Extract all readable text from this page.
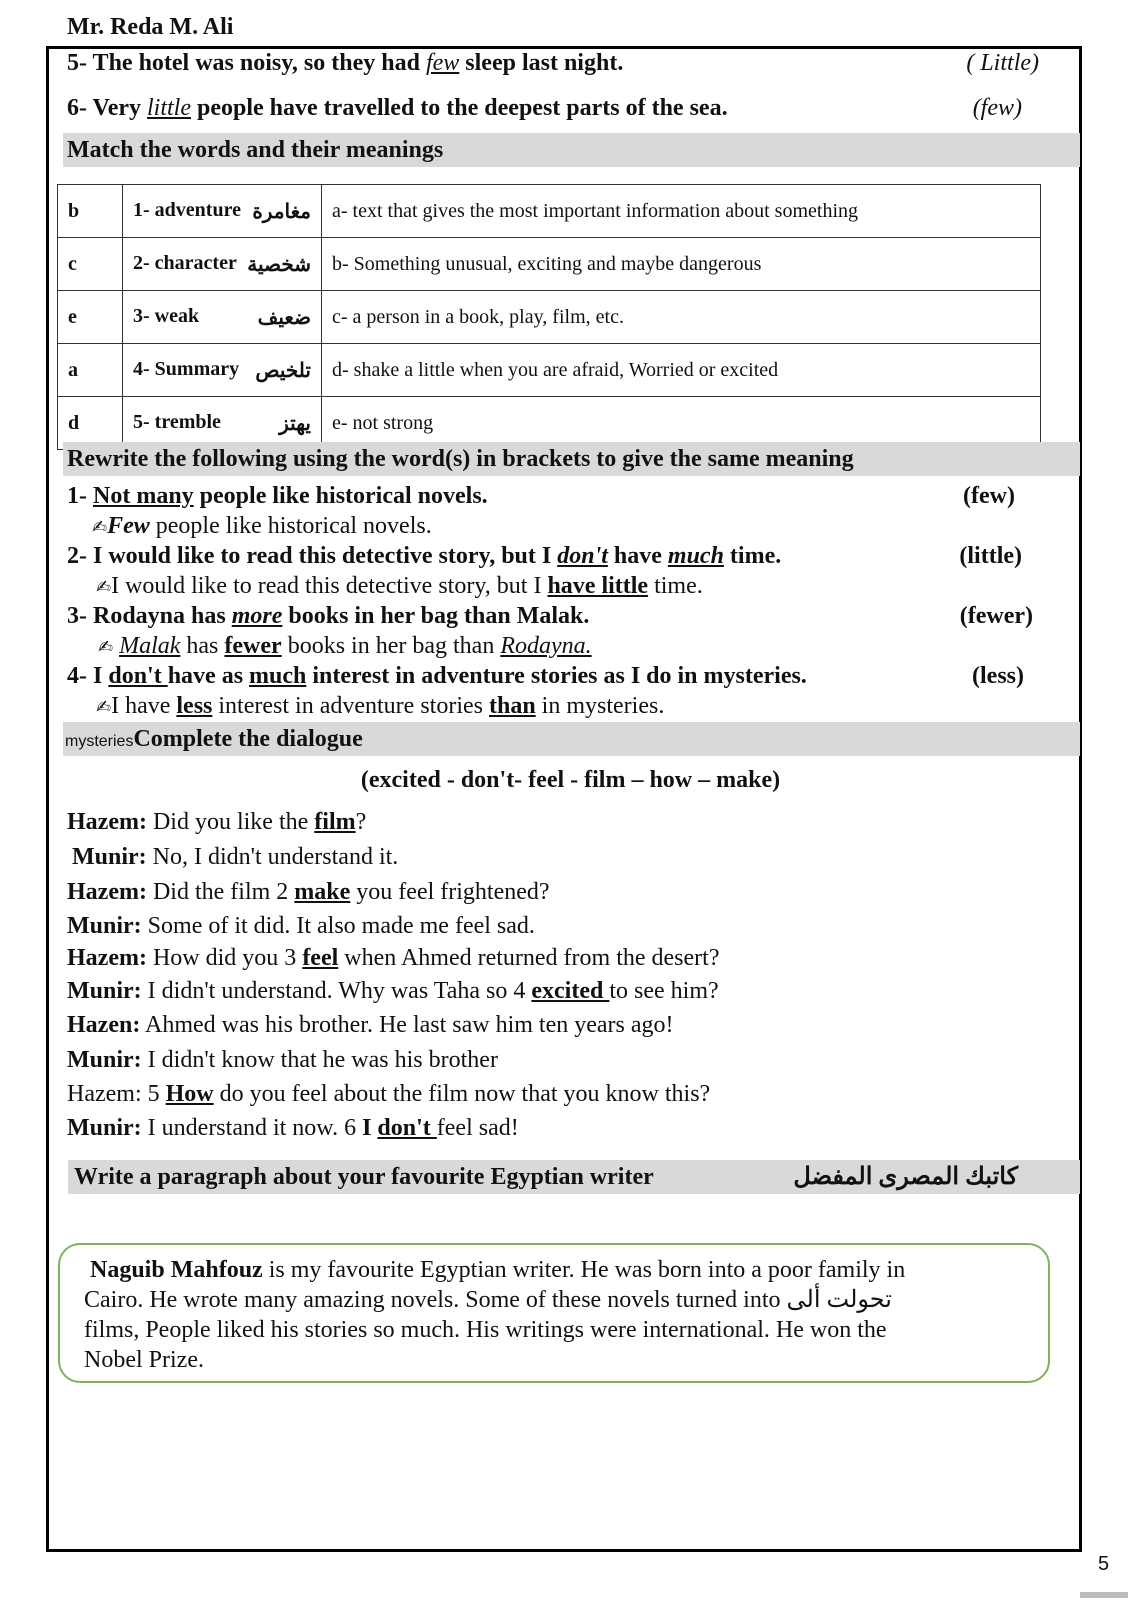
Mr. Reda M. Ali
5- The hotel was noisy, so they had few sleep last night.	( Little)
6- Very little people have travelled to the deepest parts of the sea.	(few)
Match the words and their meanings
b	1- adventure مغامرة	a- text that gives the most important information about something
c	2- character شخصية	b- Something unusual, exciting and maybe dangerous
e	3- weak ضعيف	c- a person in a book, play, film, etc.
a	4- Summary تلخيص	d- shake a little when you are afraid, Worried or excited
d	5- tremble يهتز	e- not strong
Rewrite the following using the word(s) in brackets to give the same meaning
1- Not many people like historical novels.	(few)
✍Few people like historical novels.
2- I would like to read this detective story, but I don't have much time.	(little)
✍I would like to read this detective story, but I have little time.
3- Rodayna has more books in her bag than Malak.	(fewer)
✍ Malak has fewer books in her bag than Rodayna.
4- I don't have as much interest in adventure stories as I do in mysteries.	(less)
✍I have less interest in adventure stories than in mysteries.
mysteriesComplete the dialogue
(excited - don't- feel - film – how – make)
Hazem: Did you like the film?
Munir: No, I didn't understand it.
Hazem: Did the film 2 make you feel frightened?
Munir: Some of it did. It also made me feel sad.
Hazem: How did you 3 feel when Ahmed returned from the desert?
Munir: I didn't understand. Why was Taha so 4 excited to see him?
Hazen: Ahmed was his brother. He last saw him ten years ago!
Munir: I didn't know that he was his brother
Hazem: 5 How do you feel about the film now that you know this?
Munir: I understand it now. 6 I don't feel sad!
Write a paragraph about your favourite Egyptian writer	كاتبك المصرى المفضل
Naguib Mahfouz is my favourite Egyptian writer. He was born into a poor family in
Cairo. He wrote many amazing novels. Some of these novels turned into تحولت ألى
films, People liked his stories so much. His writings were international. He won the
Nobel Prize.
5
